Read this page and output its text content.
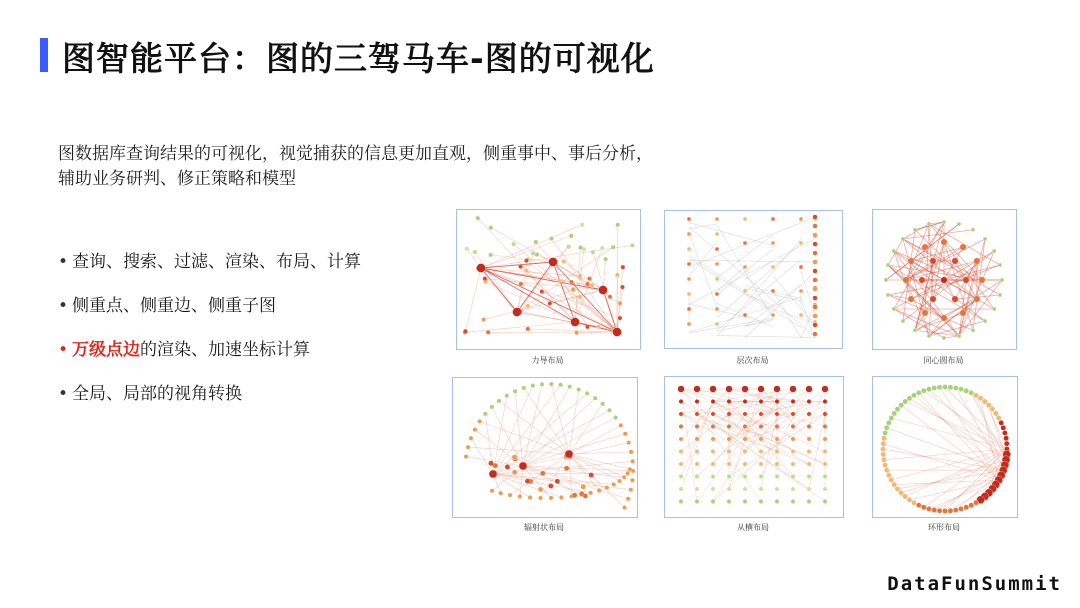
图智能平台：图的三驾马车-图的可视化
图数据库查询结果的可视化，视觉捕获的信息更加直观，侧重事中、事后分析，辅助业务研判、修正策略和模型
• 查询、搜索、过滤、渲染、布局、计算
• 侧重点、侧重边、侧重子图
• 万级点边的渲染、加速坐标计算
• 全局、局部的视角转换
力导布局	层次布局	同心圆布局
辐射状布局	从横布局	环形布局
DataFunSummit
